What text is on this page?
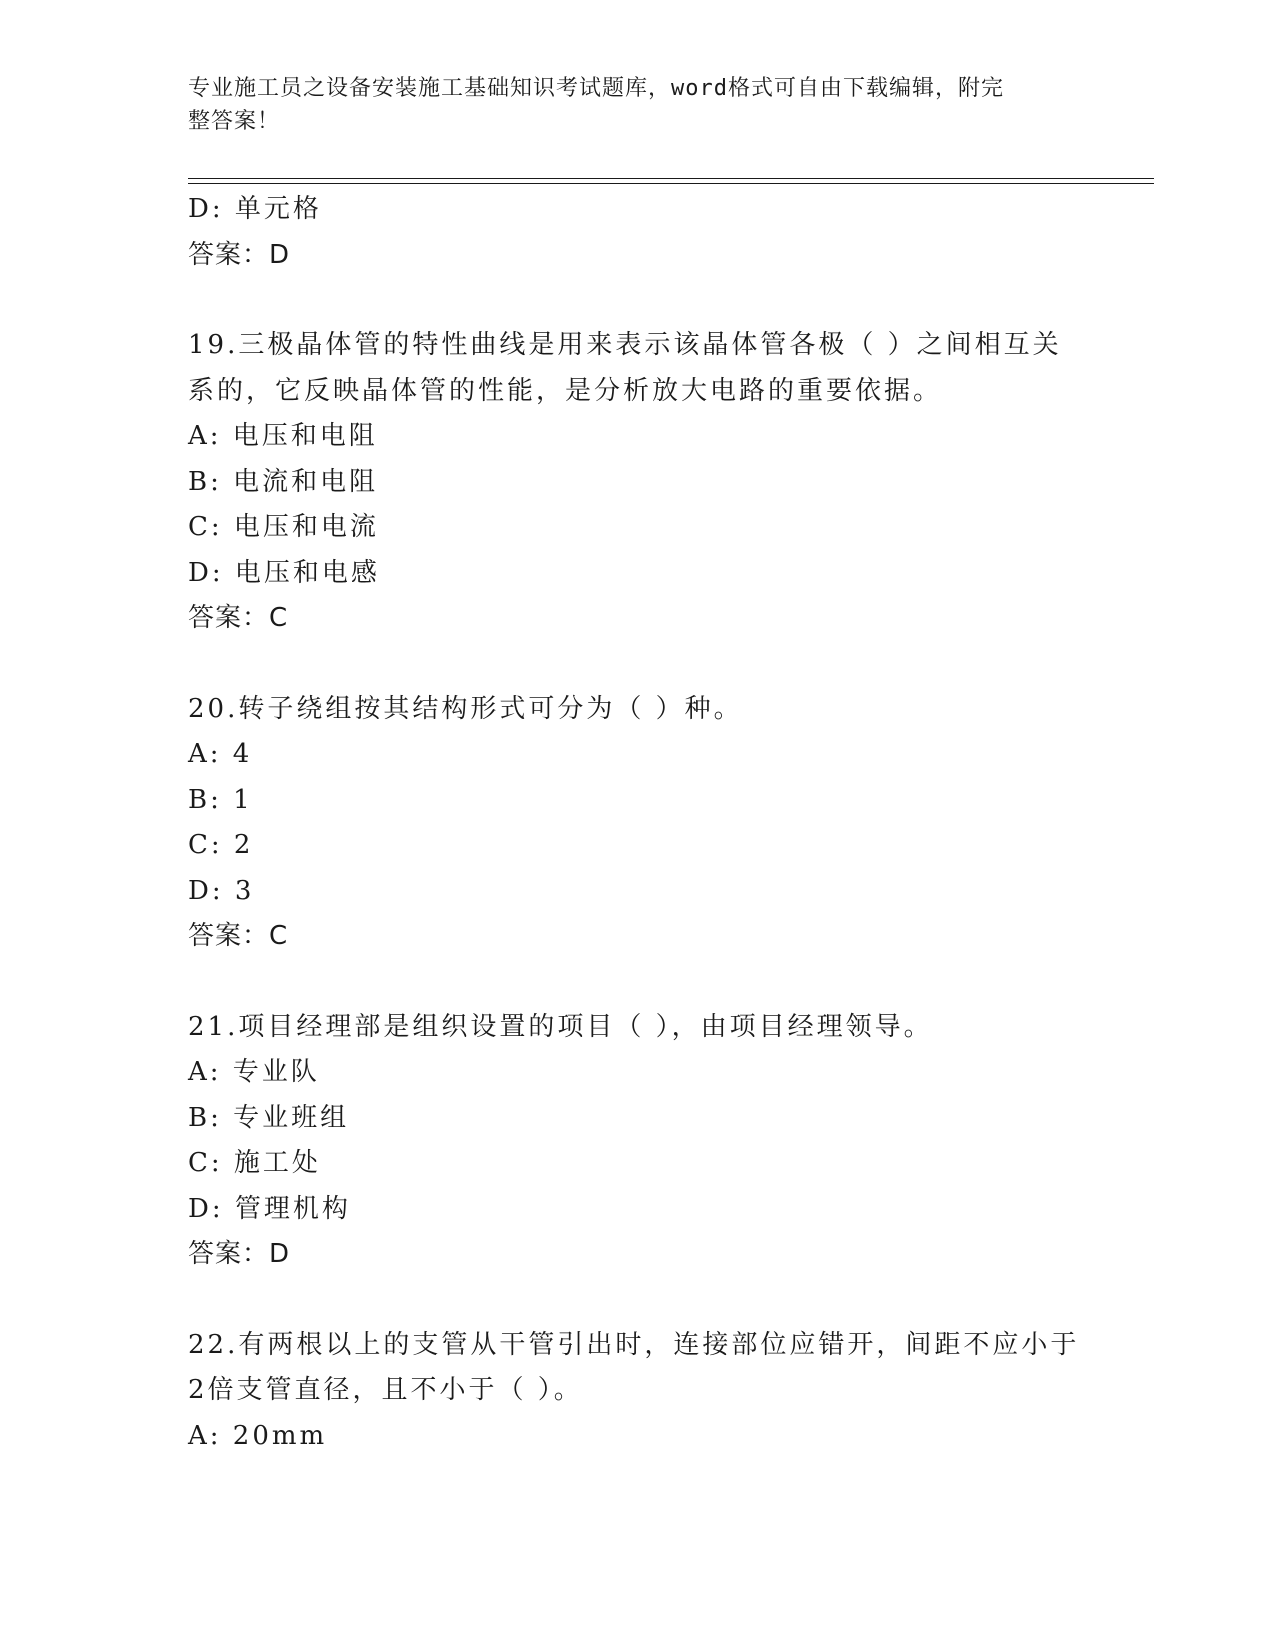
专业施工员之设备安装施工基础知识考试题库，word格式可自由下载编辑，附完
整答案！
D: 单元格
答案：D
19.三极晶体管的特性曲线是用来表示该晶体管各极（ ）之间相互关
系的，它反映晶体管的性能，是分析放大电路的重要依据。
A: 电压和电阻
B: 电流和电阻
C: 电压和电流
D: 电压和电感
答案：C
20.转子绕组按其结构形式可分为（ ）种。
A: 4
B: 1
C: 2
D: 3
答案：C
21.项目经理部是组织设置的项目（ ），由项目经理领导。
A: 专业队
B: 专业班组
C: 施工处
D: 管理机构
答案：D
22.有两根以上的支管从干管引出时，连接部位应错开，间距不应小于
2倍支管直径，且不小于（ ）。
A: 20mm
